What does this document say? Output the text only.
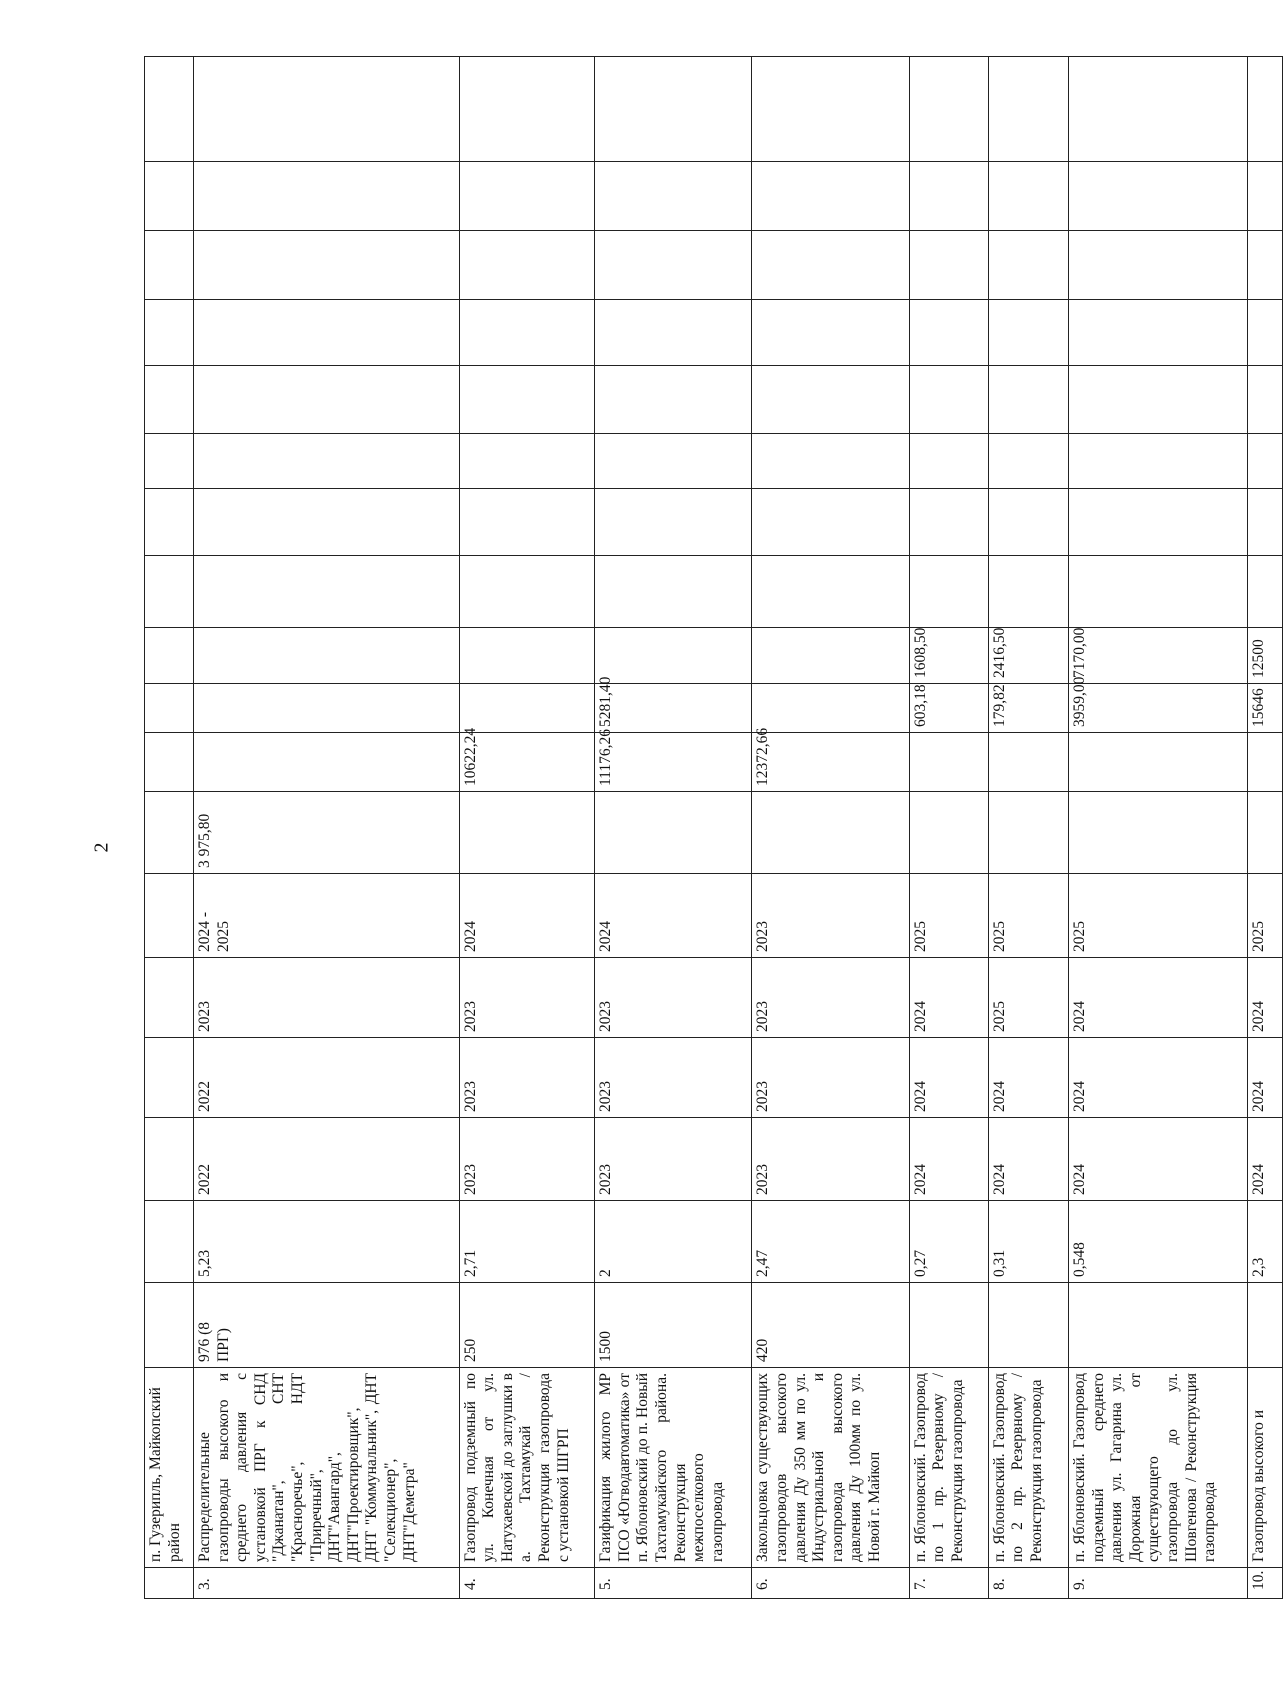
2
	п. Гузерипль, Майкопский район																		
3.	Распределительные газопроводы высокого и среднего давления с установкой ПРГ к СНД "Джанатан", СНТ "Красноречье", НДТ "Приречный", ДНТ"Авангард", ДНТ"Проектировщик", ДНТ "Коммунальник", ДНТ "Селекционер", ДНТ"Деметра"	976 (8 ПРГ)	5,23	2022	2022	2023	2024 - 2025	3 975,80											
4.	Газопровод подземный по ул. Конечная от ул. Натухаевской до заглушки в а. Тахтамукай /Реконструкция газопровода с установкой ШГРП	250	2,71	2023	2023	2023	2024		10622,24										
5.	Газификация жилого МР ПСО «Югводавтоматика» от п. Яблоновский до п. Новый Тахтамукайского района. Реконструкция межпоселкового газопровода	1500	2	2023	2023	2023	2024		11176,26	5281,40									
6.	Закольцовка существующих газопроводов высокого давления Ду 350 мм по ул. Индустриальной и газопровода высокого давления Ду 100мм по ул. Новой г. Майкоп	420	2,47	2023	2023	2023	2023		12372,66										
7.	п. Яблоновский. Газопровод по 1 пр. Резервному / Реконструкция газопровода		0,27	2024	2024	2024	2025			603,18	1608,50								
8.	п. Яблоновский. Газопровод по 2 пр. Резервному / Реконструкция газопровода		0,31	2024	2024	2025	2025			179,82	2416,50								
9.	п. Яблоновский. Газопровод подземный среднего давления ул. Гагарина ул. Дорожная от существующего газопровода до ул. Шовгенова / Реконструкция газопровода		0,548	2024	2024	2024	2025			3959,00	7170,00								
10.	Газопровод высокого и		2,3	2024	2024	2024	2025			15646	12500								
